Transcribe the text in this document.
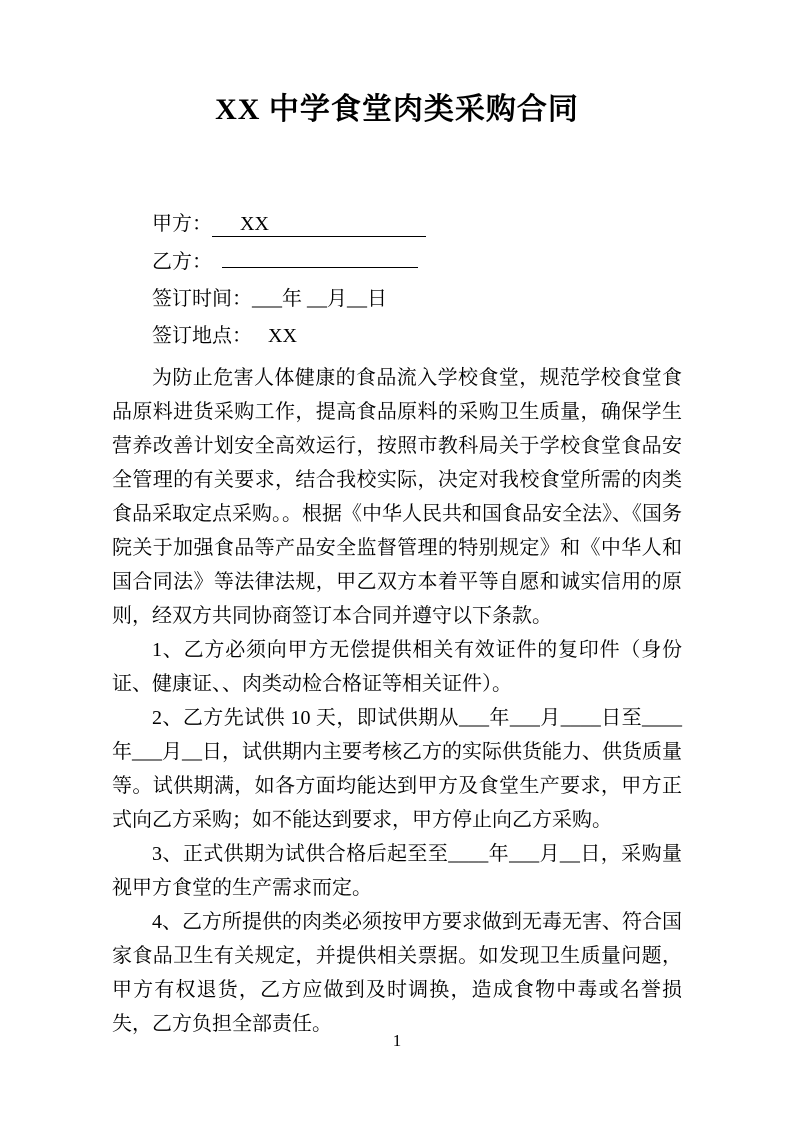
XX 中学食堂肉类采购合同
甲方： XX
乙方：
签订时间：___年 __月__日
签订地点： XX

为防止危害人体健康的食品流入学校食堂，规范学校食堂食品原料进货采购工作，提高食品原料的采购卫生质量，确保学生营养改善计划安全高效运行，按照市教科局关于学校食堂食品安全管理的有关要求，结合我校实际，决定对我校食堂所需的肉类食品采取定点采购。。根据《中华人民共和国食品安全法》、《国务院关于加强食品等产品安全监督管理的特别规定》和《中华人和国合同法》等法律法规，甲乙双方本着平等自愿和诚实信用的原则，经双方共同协商签订本合同并遵守以下条款。

1、乙方必须向甲方无偿提供相关有效证件的复印件（身份证、健康证、、肉类动检合格证等相关证件）。

2、乙方先试供 10 天，即试供期从___年___月____日至____年___月__日，试供期内主要考核乙方的实际供货能力、供货质量等。试供期满，如各方面均能达到甲方及食堂生产要求，甲方正式向乙方采购；如不能达到要求，甲方停止向乙方采购。

3、正式供期为试供合格后起至至____年___月__日，采购量视甲方食堂的生产需求而定。

4、乙方所提供的肉类必须按甲方要求做到无毒无害、符合国家食品卫生有关规定，并提供相关票据。如发现卫生质量问题，甲方有权退货，乙方应做到及时调换，造成食物中毒或名誉损失，乙方负担全部责任。

1
